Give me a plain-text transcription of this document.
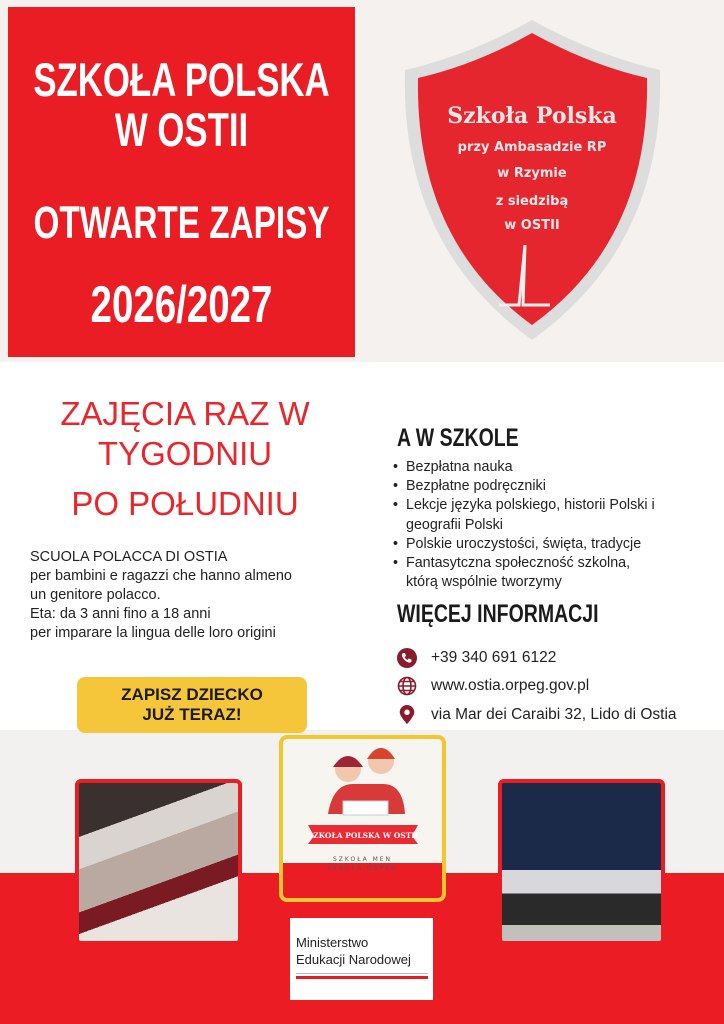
SZKOŁA POLSKA
W OSTII
OTWARTE ZAPISY
2026/2027
Szkoła Polska
przy Ambasadzie RP
w Rzymie
z siedzibą
w OSTII
ZAJĘCIA RAZ W
TYGODNIU
PO POŁUDNIU
SCUOLA POLACCA DI OSTIA
per bambini e ragazzi che hanno almeno
un genitore polacco.
Eta: da 3 anni fino a 18 anni
per imparare la lingua delle loro origini
ZAPISZ DZIECKO
JUŻ TERAZ!
A W SZKOLE
• Bezpłatna nauka
• Bezpłatne podręczniki
• Lekcje języka polskiego, historii Polski i geografii Polski
• Polskie uroczystości, święta, tradycje
• Fantasytczna społeczność szkolna, którą wspólnie tworzymy
WIĘCEJ INFORMACJI
+39 340 691 6122
www.ostia.orpeg.gov.pl
via Mar dei Caraibi 32, Lido di Ostia
SZKOŁA POLSKA W OSTII
SZKOŁA MEN
SZKOŁA ORPEG
Ministerstwo
Edukacji Narodowej
